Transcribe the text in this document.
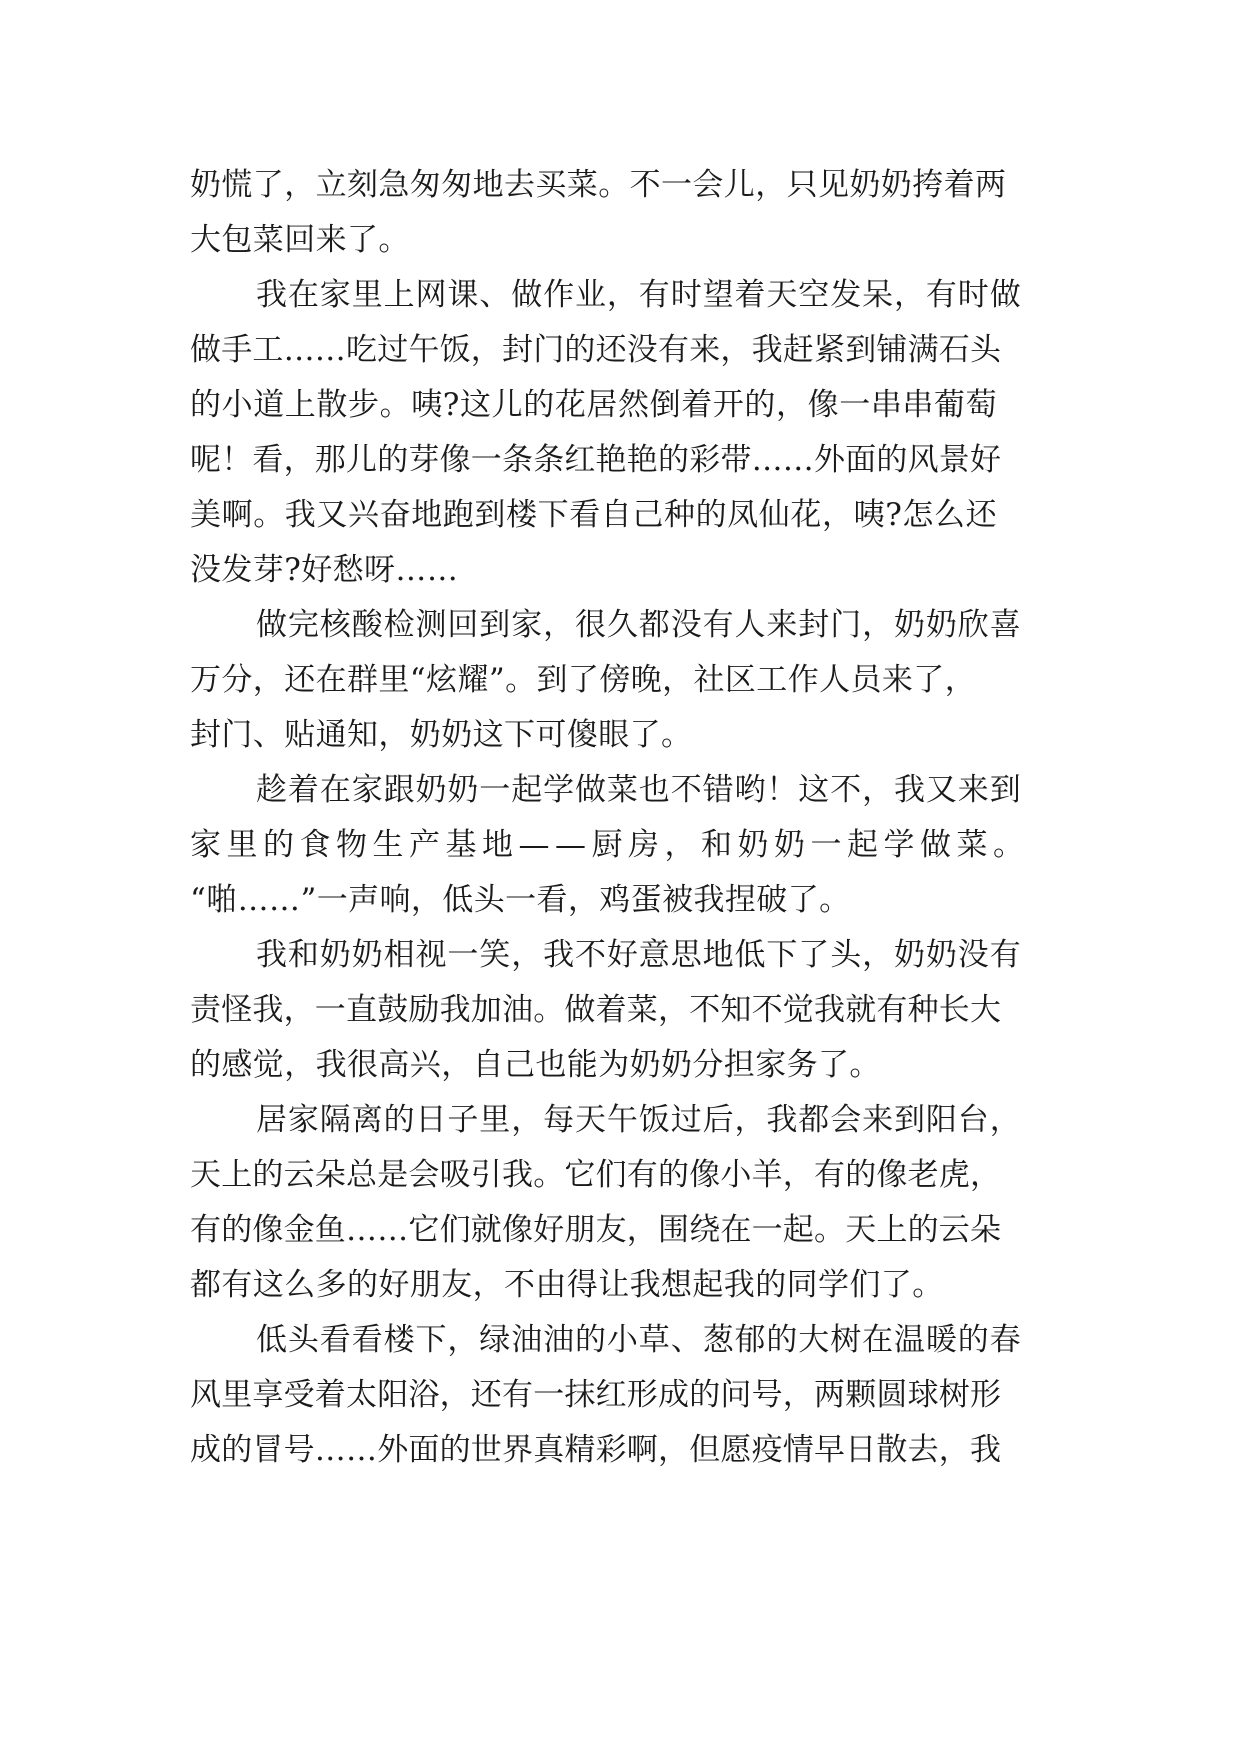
奶慌了，立刻急匆匆地去买菜。不一会儿，只见奶奶挎着两
大包菜回来了。
我在家里上网课、做作业，有时望着天空发呆，有时做
做手工……吃过午饭，封门的还没有来，我赶紧到铺满石头
的小道上散步。咦?这儿的花居然倒着开的，像一串串葡萄
呢！看，那儿的芽像一条条红艳艳的彩带……外面的风景好
美啊。我又兴奋地跑到楼下看自己种的凤仙花，咦?怎么还
没发芽?好愁呀……
做完核酸检测回到家，很久都没有人来封门，奶奶欣喜
万分，还在群里“炫耀”。到了傍晚，社区工作人员来了，
封门、贴通知，奶奶这下可傻眼了。
趁着在家跟奶奶一起学做菜也不错哟！这不，我又来到
家里的食物生产基地——厨房，和奶奶一起学做菜。
“啪……”一声响，低头一看，鸡蛋被我捏破了。
我和奶奶相视一笑，我不好意思地低下了头，奶奶没有
责怪我，一直鼓励我加油。做着菜，不知不觉我就有种长大
的感觉，我很高兴，自己也能为奶奶分担家务了。
居家隔离的日子里，每天午饭过后，我都会来到阳台，
天上的云朵总是会吸引我。它们有的像小羊，有的像老虎，
有的像金鱼……它们就像好朋友，围绕在一起。天上的云朵
都有这么多的好朋友，不由得让我想起我的同学们了。
低头看看楼下，绿油油的小草、葱郁的大树在温暖的春
风里享受着太阳浴，还有一抹红形成的问号，两颗圆球树形
成的冒号……外面的世界真精彩啊，但愿疫情早日散去，我
